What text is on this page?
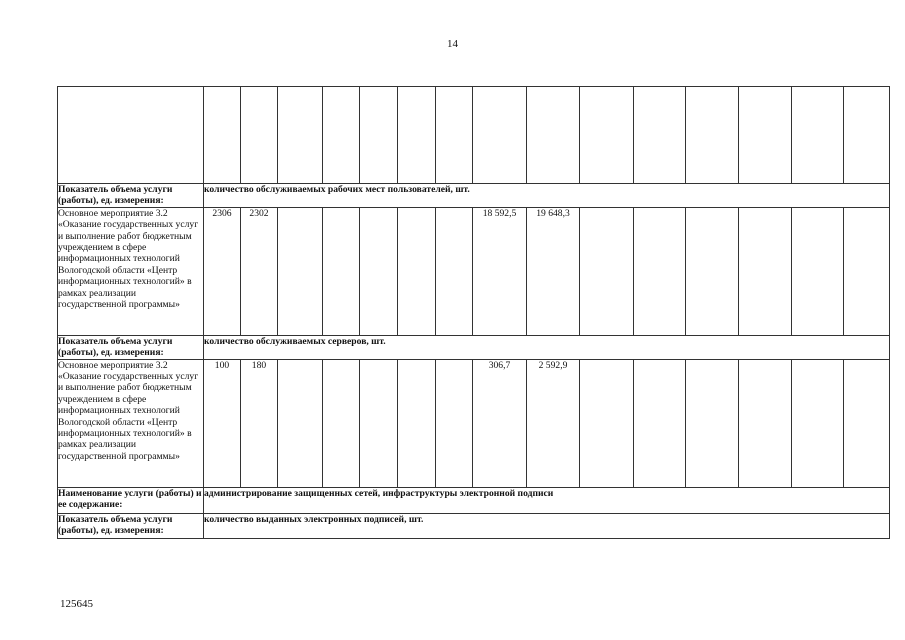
14

Показатель объема услуги (работы), ед. измерения:	количество обслуживаемых рабочих мест пользователей, шт.														
Основное мероприятие 3.2 «Оказание государственных услуг и выполнение работ бюджетным учреждением в сфере информационных технологий Вологодской области «Центр информационных технологий» в рамках реализации государственной программы»	2306	2302						18 592,5	19 648,3						
Показатель объема услуги (работы), ед. измерения:	количество обслуживаемых серверов, шт.														
Основное мероприятие 3.2 «Оказание государственных услуг и выполнение работ бюджетным учреждением в сфере информационных технологий Вологодской области «Центр информационных технологий» в рамках реализации государственной программы»	100	180						306,7	2 592,9						
Наименование услуги (работы) и ее содержание:	администрирование защищенных сетей, инфраструктуры электронной подписи														
Показатель объема услуги (работы), ед. измерения:	количество выданных электронных подписей, шт.														
125645
